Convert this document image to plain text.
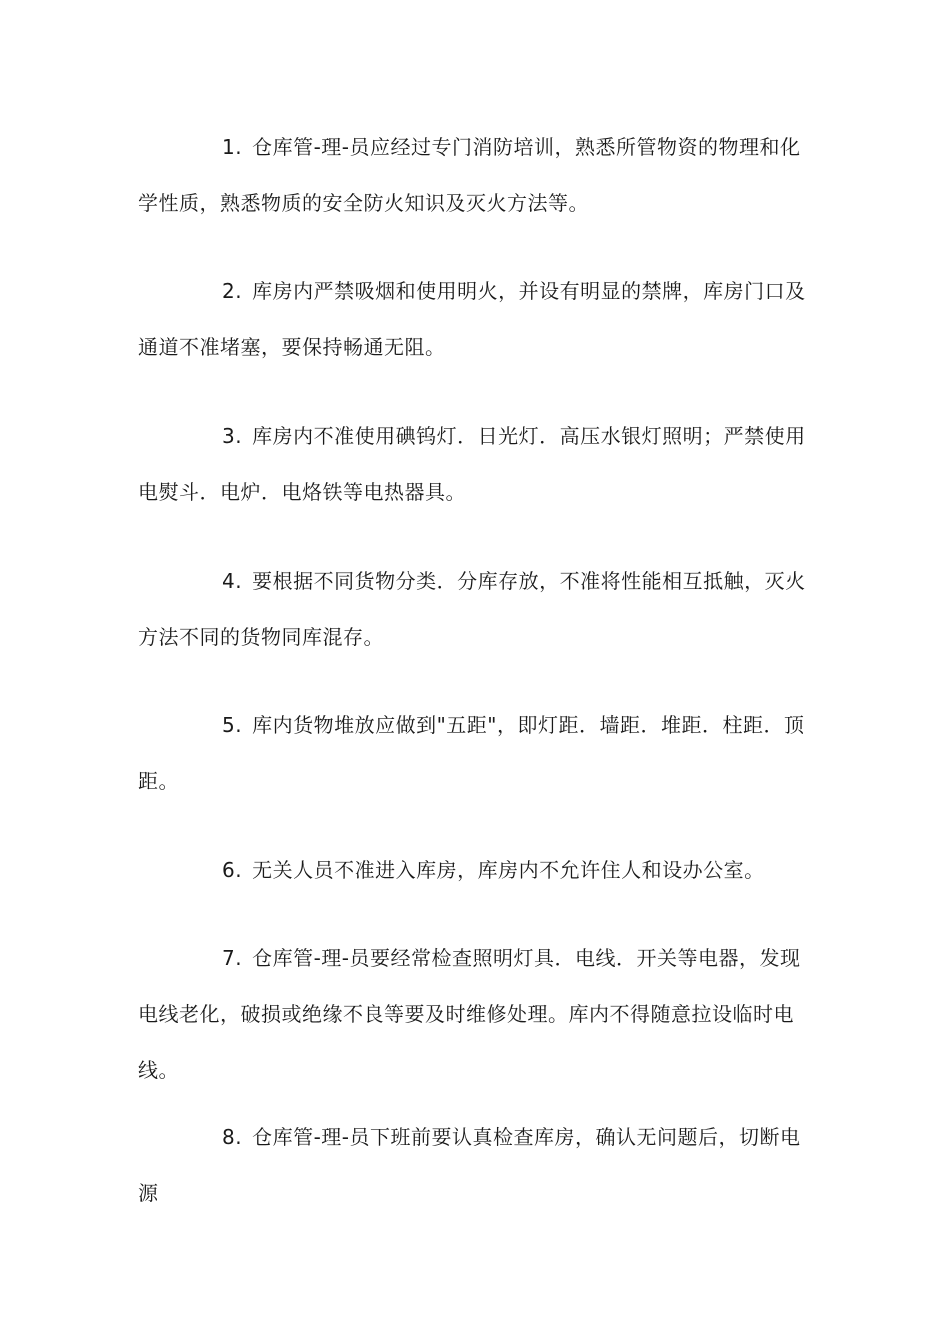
1. 仓库管-理-员应经过专门消防培训，熟悉所管物资的物理和化学性质，熟悉物质的安全防火知识及灭火方法等。

2. 库房内严禁吸烟和使用明火，并设有明显的禁牌，库房门口及通道不准堵塞，要保持畅通无阻。

3. 库房内不准使用碘钨灯．日光灯．高压水银灯照明；严禁使用电熨斗．电炉．电烙铁等电热器具。

4. 要根据不同货物分类．分库存放，不准将性能相互抵触，灭火方法不同的货物同库混存。

5. 库内货物堆放应做到"五距"，即灯距．墙距．堆距．柱距．顶距。

6. 无关人员不准进入库房，库房内不允许住人和设办公室。

7. 仓库管-理-员要经常检查照明灯具．电线．开关等电器，发现电线老化，破损或绝缘不良等要及时维修处理。库内不得随意拉设临时电线。

8. 仓库管-理-员下班前要认真检查库房，确认无问题后，切断电源
